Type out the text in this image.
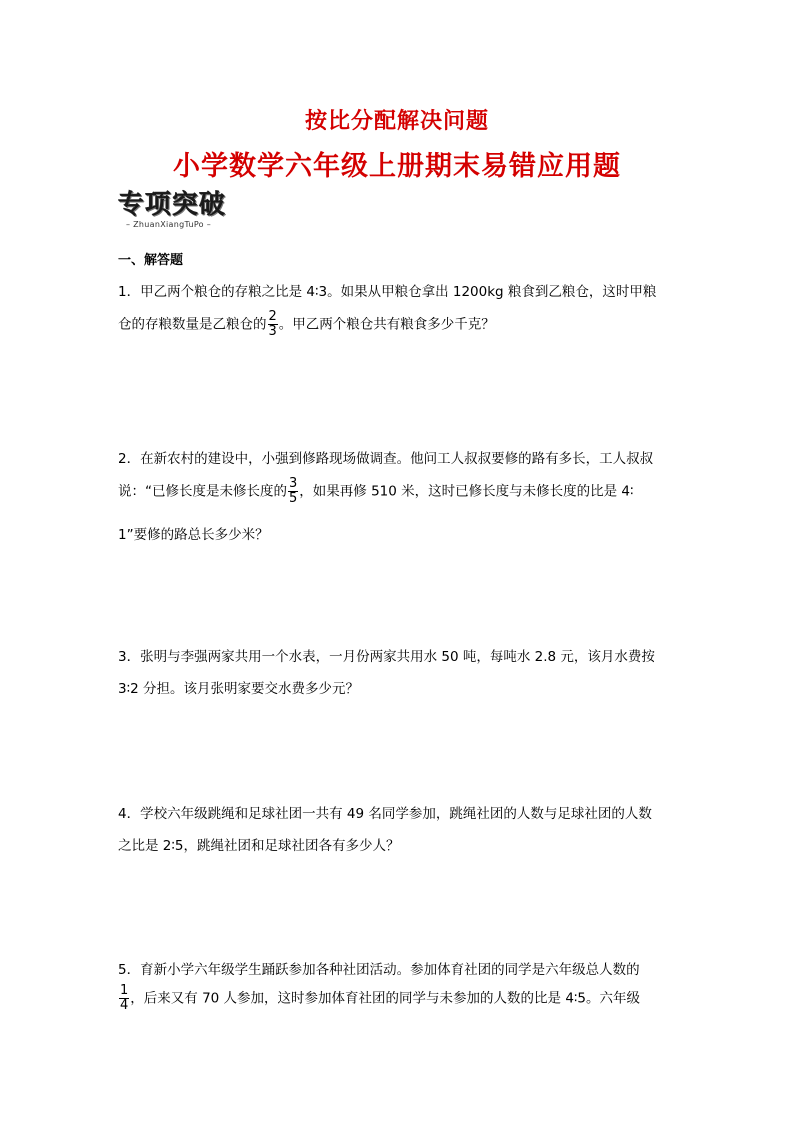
按比分配解决问题
小学数学六年级上册期末易错应用题
专项突破
– ZhuanXiangTuPo –
一、解答题
1．甲乙两个粮仓的存粮之比是 4∶3。如果从甲粮仓拿出 1200kg 粮食到乙粮仓，这时甲粮
仓的存粮数量是乙粮仓的 $\frac{2}{3}$ 。甲乙两个粮仓共有粮食多少千克？
2．在新农村的建设中，小强到修路现场做调查。他问工人叔叔要修的路有多长，工人叔叔
说：“已修长度是未修长度的 $\frac{3}{5}$ ，如果再修 510 米，这时已修长度与未修长度的比是 4∶
1”要修的路总长多少米？
3．张明与李强两家共用一个水表，一月份两家共用水 50 吨，每吨水 2.8 元，该月水费按
3∶2 分担。该月张明家要交水费多少元？
4．学校六年级跳绳和足球社团一共有 49 名同学参加，跳绳社团的人数与足球社团的人数
之比是 2∶5，跳绳社团和足球社团各有多少人？
5．育新小学六年级学生踊跃参加各种社团活动。参加体育社团的同学是六年级总人数的
$\frac{1}{4}$ ，后来又有 70 人参加，这时参加体育社团的同学与未参加的人数的比是 4∶5。六年级
